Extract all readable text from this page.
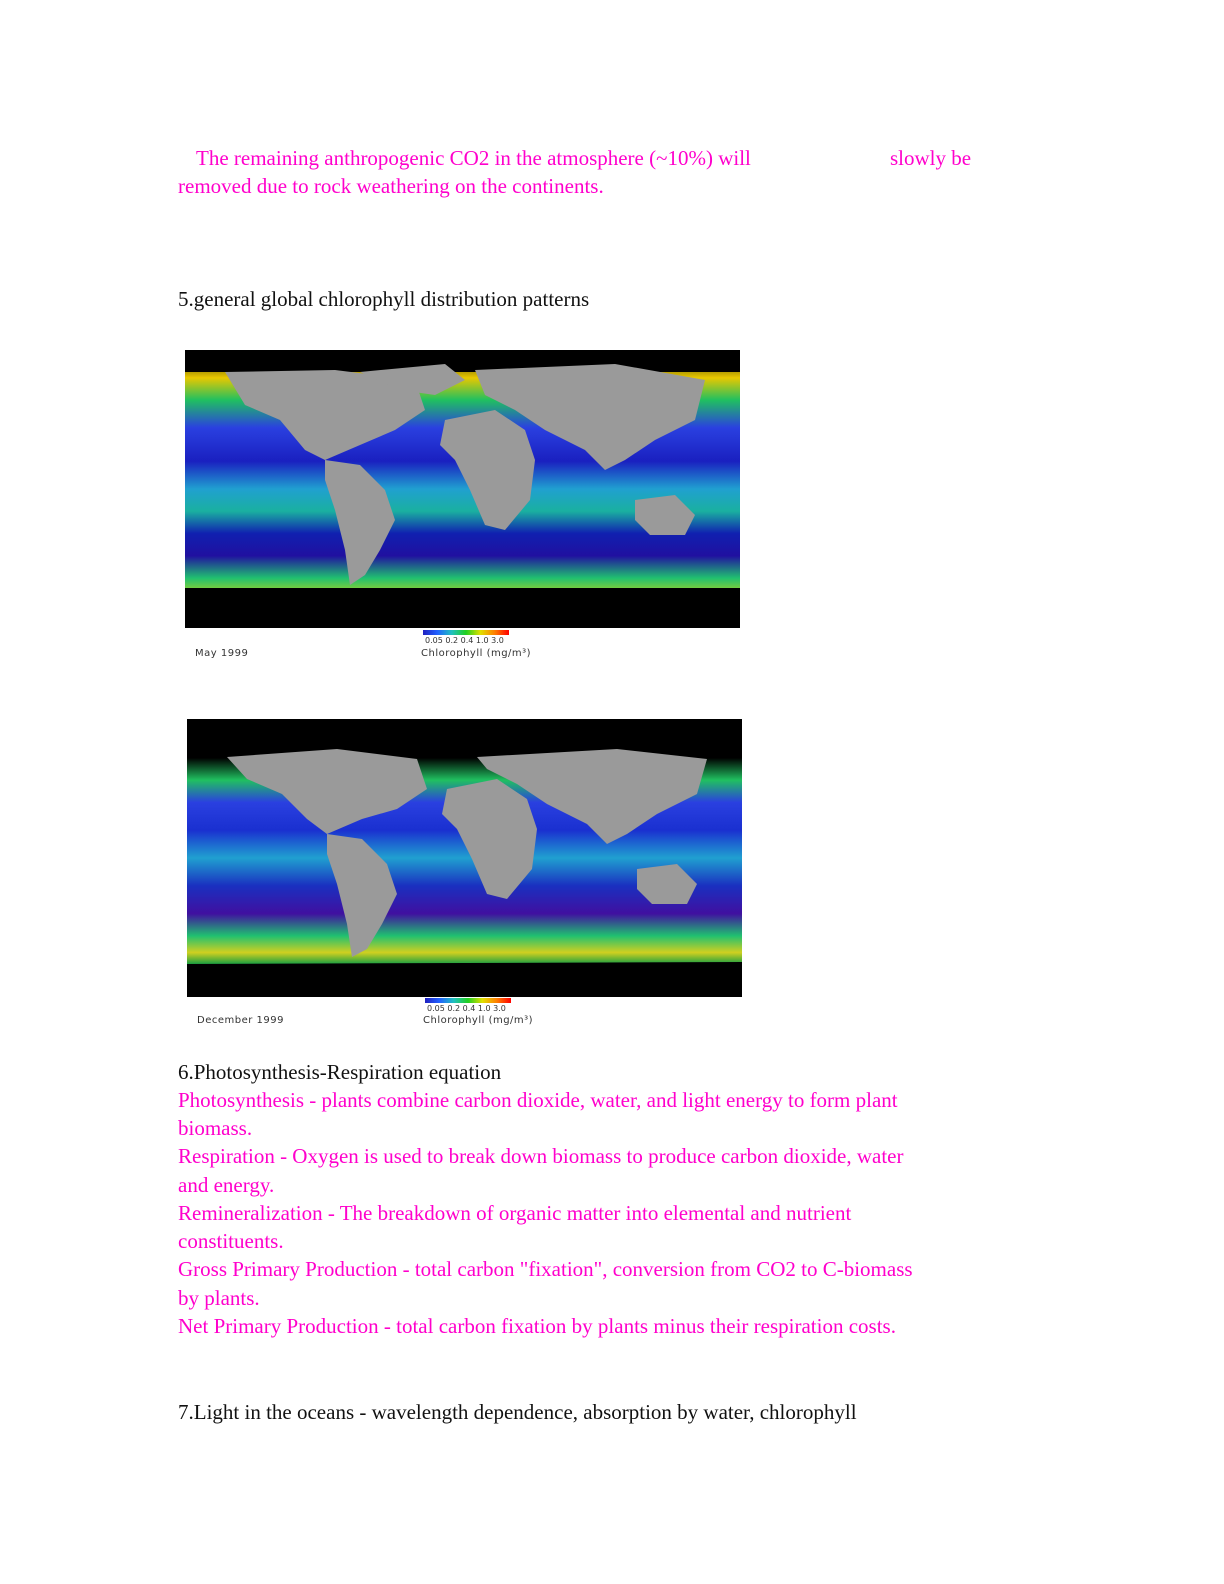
The remaining anthropogenic CO2 in the atmosphere (~10%) will	slowly be
removed due to rock weathering on the continents.
5.general global chlorophyll distribution patterns
0.05 0.2 0.4 1.0 3.0
May 1999	Chlorophyll (mg/m³)
0.05 0.2 0.4 1.0 3.0
December 1999	Chlorophyll (mg/m³)
6.Photosynthesis-Respiration equation
Photosynthesis - plants combine carbon dioxide, water, and light energy to form plant
biomass.
Respiration - Oxygen is used to break down biomass to produce carbon dioxide, water
and energy.
Remineralization - The breakdown of organic matter into elemental and nutrient
constituents.
Gross Primary Production - total carbon "fixation", conversion from CO2 to C-biomass
by plants.
Net Primary Production - total carbon fixation by plants minus their respiration costs.
7.Light in the oceans - wavelength dependence, absorption by water, chlorophyll
